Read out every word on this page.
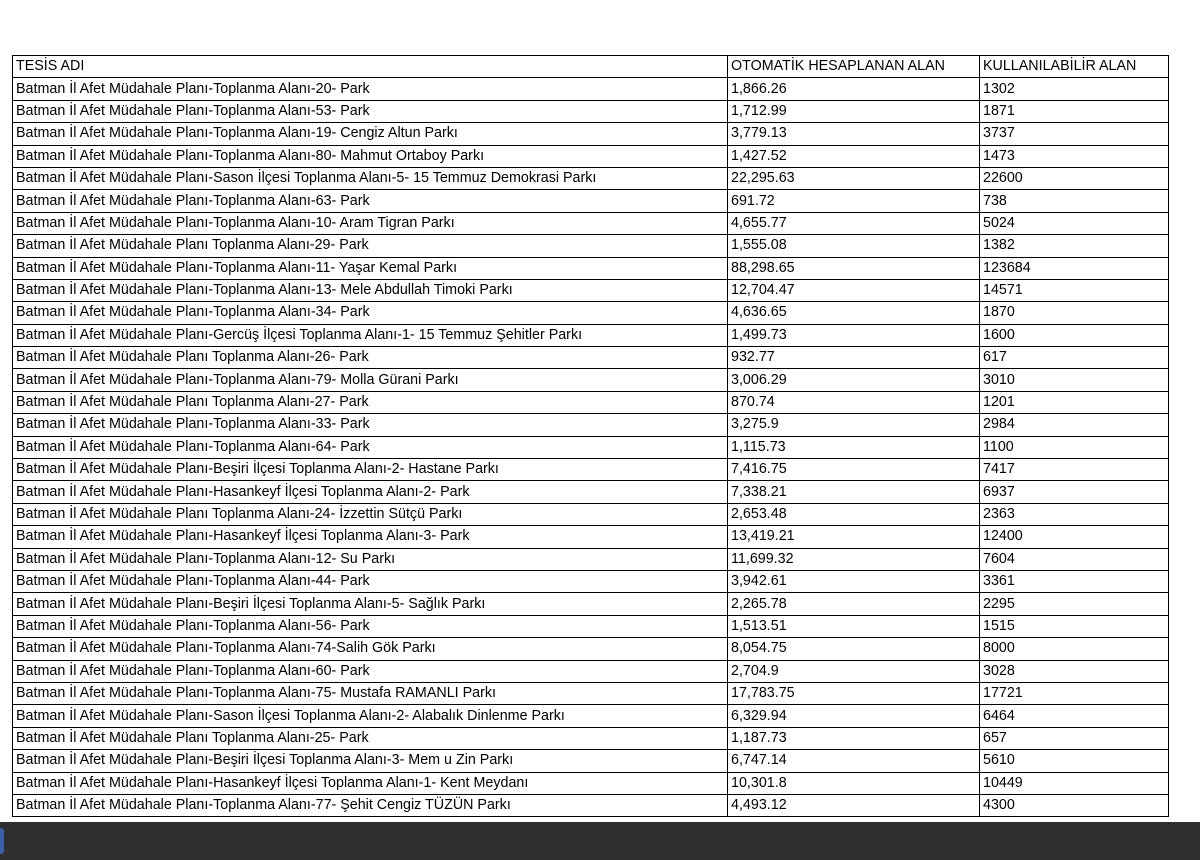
TESİS ADI	OTOMATİK HESAPLANAN ALAN	KULLANILABİLİR ALAN
Batman İl Afet Müdahale Planı-Toplanma Alanı-20- Park	1,866.26	1302
Batman İl Afet Müdahale Planı-Toplanma Alanı-53- Park	1,712.99	1871
Batman İl Afet Müdahale Planı-Toplanma Alanı-19- Cengiz Altun Parkı	3,779.13	3737
Batman İl Afet Müdahale Planı-Toplanma Alanı-80- Mahmut Ortaboy Parkı	1,427.52	1473
Batman İl Afet Müdahale Planı-Sason İlçesi Toplanma Alanı-5- 15 Temmuz Demokrasi Parkı	22,295.63	22600
Batman İl Afet Müdahale Planı-Toplanma Alanı-63- Park	691.72	738
Batman İl Afet Müdahale Planı-Toplanma Alanı-10- Aram Tigran Parkı	4,655.77	5024
Batman İl Afet Müdahale Planı Toplanma Alanı-29- Park	1,555.08	1382
Batman İl Afet Müdahale Planı-Toplanma Alanı-11- Yaşar Kemal Parkı	88,298.65	123684
Batman İl Afet Müdahale Planı-Toplanma Alanı-13- Mele Abdullah Timoki Parkı	12,704.47	14571
Batman İl Afet Müdahale Planı-Toplanma Alanı-34- Park	4,636.65	1870
Batman İl Afet Müdahale Planı-Gercüş İlçesi Toplanma Alanı-1- 15 Temmuz Şehitler Parkı	1,499.73	1600
Batman İl Afet Müdahale Planı Toplanma Alanı-26- Park	932.77	617
Batman İl Afet Müdahale Planı-Toplanma Alanı-79- Molla Gürani Parkı	3,006.29	3010
Batman İl Afet Müdahale Planı Toplanma Alanı-27- Park	870.74	1201
Batman İl Afet Müdahale Planı-Toplanma Alanı-33- Park	3,275.9	2984
Batman İl Afet Müdahale Planı-Toplanma Alanı-64- Park	1,115.73	1100
Batman İl Afet Müdahale Planı-Beşiri İlçesi Toplanma Alanı-2- Hastane Parkı	7,416.75	7417
Batman İl Afet Müdahale Planı-Hasankeyf İlçesi Toplanma Alanı-2- Park	7,338.21	6937
Batman İl Afet Müdahale Planı Toplanma Alanı-24- İzzettin Sütçü Parkı	2,653.48	2363
Batman İl Afet Müdahale Planı-Hasankeyf İlçesi Toplanma Alanı-3- Park	13,419.21	12400
Batman İl Afet Müdahale Planı-Toplanma Alanı-12- Su Parkı	11,699.32	7604
Batman İl Afet Müdahale Planı-Toplanma Alanı-44- Park	3,942.61	3361
Batman İl Afet Müdahale Planı-Beşiri İlçesi Toplanma Alanı-5- Sağlık Parkı	2,265.78	2295
Batman İl Afet Müdahale Planı-Toplanma Alanı-56- Park	1,513.51	1515
Batman İl Afet Müdahale Planı-Toplanma Alanı-74-Salih Gök Parkı	8,054.75	8000
Batman İl Afet Müdahale Planı-Toplanma Alanı-60- Park	2,704.9	3028
Batman İl Afet Müdahale Planı-Toplanma Alanı-75- Mustafa RAMANLI Parkı	17,783.75	17721
Batman İl Afet Müdahale Planı-Sason İlçesi Toplanma Alanı-2- Alabalık Dinlenme Parkı	6,329.94	6464
Batman İl Afet Müdahale Planı Toplanma Alanı-25- Park	1,187.73	657
Batman İl Afet Müdahale Planı-Beşiri İlçesi Toplanma Alanı-3- Mem u Zin Parkı	6,747.14	5610
Batman İl Afet Müdahale Planı-Hasankeyf İlçesi Toplanma Alanı-1- Kent Meydanı	10,301.8	10449
Batman İl Afet Müdahale Planı-Toplanma Alanı-77- Şehit Cengiz TÜZÜN Parkı	4,493.12	4300
